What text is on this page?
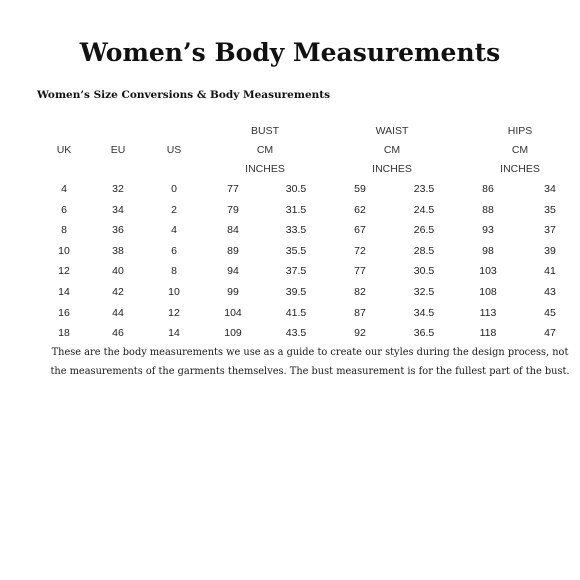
Women’s Body Measurements
Women’s Size Conversions & Body Measurements
BUST	WAIST	HIPS
UK	EU	US	CM	CM	CM
INCHES	INCHES	INCHES
4	32	0	77	30.5	59	23.5	86	34
6	34	2	79	31.5	62	24.5	88	35
8	36	4	84	33.5	67	26.5	93	37
10	38	6	89	35.5	72	28.5	98	39
12	40	8	94	37.5	77	30.5	103	41
14	42	10	99	39.5	82	32.5	108	43
16	44	12	104	41.5	87	34.5	113	45
18	46	14	109	43.5	92	36.5	118	47
These are the body measurements we use as a guide to create our styles during the design process, not the measurements of the garments themselves. The bust measurement is for the fullest part of the bust.
